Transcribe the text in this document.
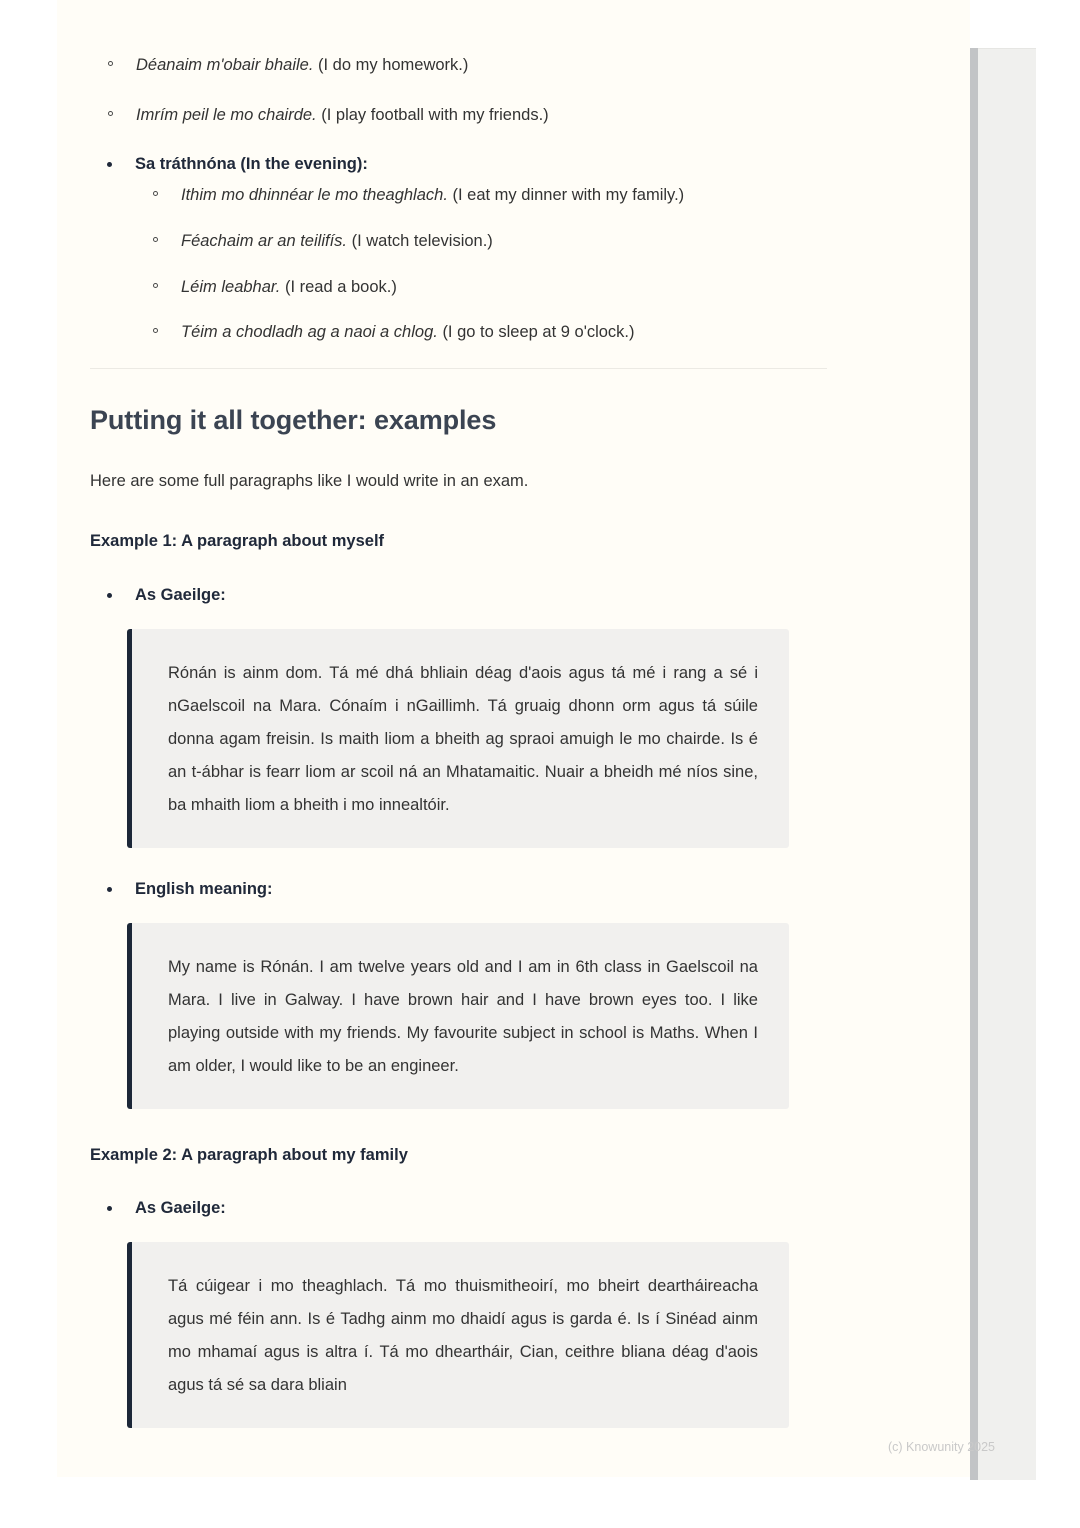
Déanaim m'obair bhaile. (I do my homework.)
Imrím peil le mo chairde. (I play football with my friends.)
Sa tráthnóna (In the evening):
Ithim mo dhinnéar le mo theaghlach. (I eat my dinner with my family.)
Féachaim ar an teilifís. (I watch television.)
Léim leabhar. (I read a book.)
Téim a chodladh ag a naoi a chlog. (I go to sleep at 9 o'clock.)
Putting it all together: examples

Here are some full paragraphs like I would write in an exam.

Example 1: A paragraph about myself
As Gaeilge:

Rónán is ainm dom. Tá mé dhá bhliain déag d'aois agus tá mé i rang a sé i nGaelscoil na Mara. Cónaím i nGaillimh. Tá gruaig dhonn orm agus tá súile donna agam freisin. Is maith liom a bheith ag spraoi amuigh le mo chairde. Is é an t-ábhar is fearr liom ar scoil ná an Mhatamaitic. Nuair a bheidh mé níos sine, ba mhaith liom a bheith i mo innealtóir.

English meaning:

My name is Rónán. I am twelve years old and I am in 6th class in Gaelscoil na Mara. I live in Galway. I have brown hair and I have brown eyes too. I like playing outside with my friends. My favourite subject in school is Maths. When I am older, I would like to be an engineer.

Example 2: A paragraph about my family
As Gaeilge:

Tá cúigear i mo theaghlach. Tá mo thuismitheoirí, mo bheirt deartháireacha agus mé féin ann. Is é Tadhg ainm mo dhaidí agus is garda é. Is í Sinéad ainm mo mhamaí agus is altra í. Tá mo dheartháir, Cian, ceithre bliana déag d'aois agus tá sé sa dara bliain

(c) Knowunity 2025
